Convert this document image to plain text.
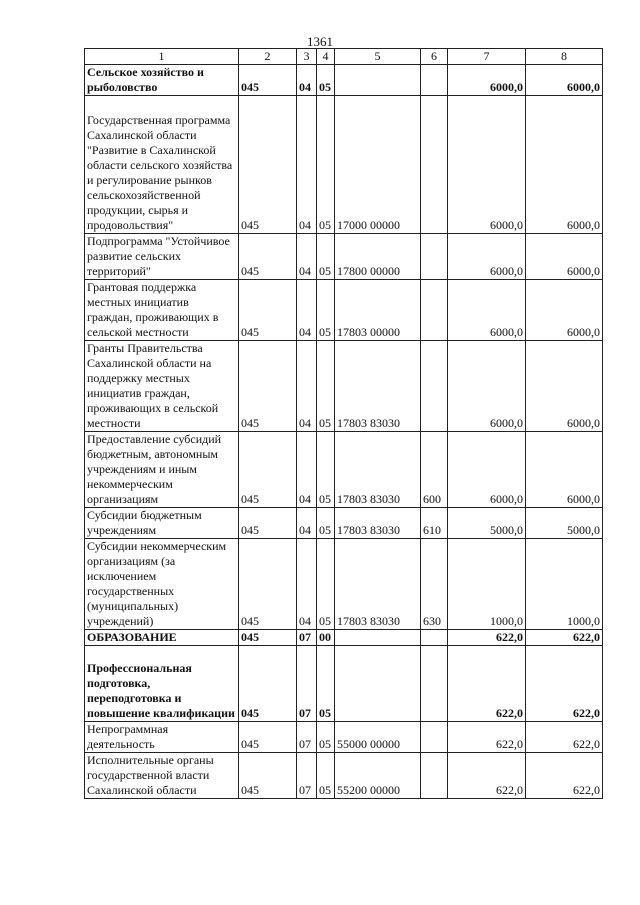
1361
1	2	3	4	5	6	7	8
Сельское хозяйство и рыболовство	045	04	05			6000,0	6000,0
Государственная программа Сахалинской области "Развитие в Сахалинской области сельского хозяйства и регулирование рынков сельскохозяйственной продукции, сырья и продовольствия"	045	04	05	17000 00000		6000,0	6000,0
Подпрограмма "Устойчивое развитие сельских территорий"	045	04	05	17800 00000		6000,0	6000,0
Грантовая поддержка местных инициатив граждан, проживающих в сельской местности	045	04	05	17803 00000		6000,0	6000,0
Гранты Правительства Сахалинской области на поддержку местных инициатив граждан, проживающих в сельской местности	045	04	05	17803 83030		6000,0	6000,0
Предоставление субсидий бюджетным, автономным учреждениям и иным некоммерческим организациям	045	04	05	17803 83030	600	6000,0	6000,0
Субсидии бюджетным учреждениям	045	04	05	17803 83030	610	5000,0	5000,0
Субсидии некоммерческим организациям (за исключением государственных (муниципальных) учреждений)	045	04	05	17803 83030	630	1000,0	1000,0
ОБРАЗОВАНИЕ	045	07	00			622,0	622,0
Профессиональная подготовка, переподготовка и повышение квалификации	045	07	05			622,0	622,0
Непрограммная деятельность	045	07	05	55000 00000		622,0	622,0
Исполнительные органы государственной власти Сахалинской области	045	07	05	55200 00000		622,0	622,0
